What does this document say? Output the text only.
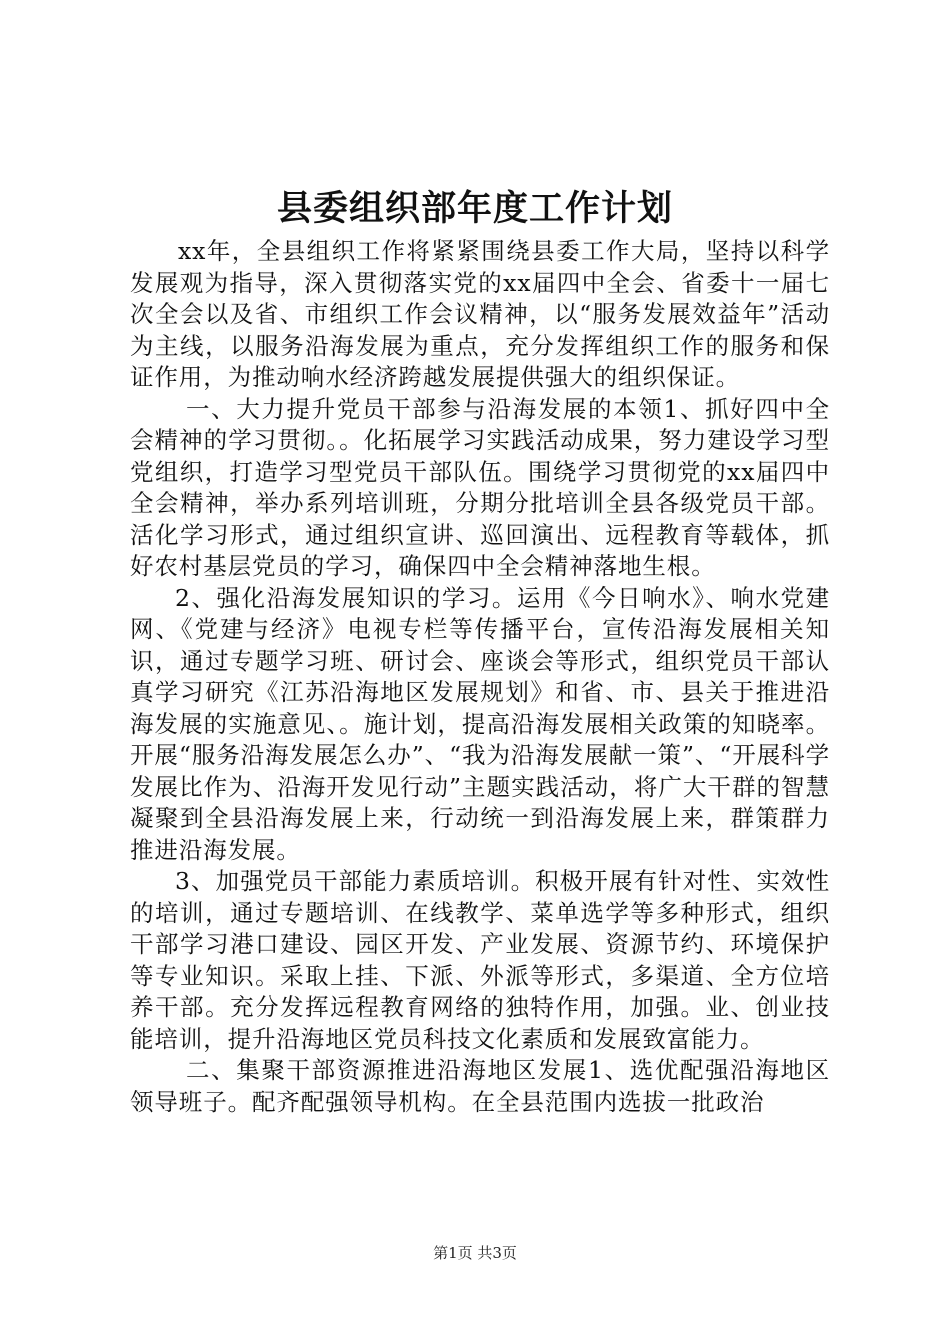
县委组织部年度工作计划

xx年，全县组织工作将紧紧围绕县委工作大局，坚持以科学发展观为指导，深入贯彻落实党的xx届四中全会、省委十一届七次全会以及省、市组织工作会议精神，以“服务发展效益年”活动为主线，以服务沿海发展为重点，充分发挥组织工作的服务和保证作用，为推动响水经济跨越发展提供强大的组织保证。

一、大力提升党员干部参与沿海发展的本领1、抓好四中全会精神的学习贯彻。。化拓展学习实践活动成果，努力建设学习型党组织，打造学习型党员干部队伍。围绕学习贯彻党的xx届四中全会精神，举办系列培训班，分期分批培训全县各级党员干部。活化学习形式，通过组织宣讲、巡回演出、远程教育等载体，抓好农村基层党员的学习，确保四中全会精神落地生根。

2、强化沿海发展知识的学习。运用《今日响水》、响水党建网、《党建与经济》电视专栏等传播平台，宣传沿海发展相关知识，通过专题学习班、研讨会、座谈会等形式，组织党员干部认真学习研究《江苏沿海地区发展规划》和省、市、县关于推进沿海发展的实施意见、。施计划，提高沿海发展相关政策的知晓率。开展“服务沿海发展怎么办”、“我为沿海发展献一策”、“开展科学发展比作为、沿海开发见行动”主题实践活动，将广大干群的智慧凝聚到全县沿海发展上来，行动统一到沿海发展上来，群策群力推进沿海发展。

3、加强党员干部能力素质培训。积极开展有针对性、实效性的培训，通过专题培训、在线教学、菜单选学等多种形式，组织干部学习港口建设、园区开发、产业发展、资源节约、环境保护等专业知识。采取上挂、下派、外派等形式，多渠道、全方位培养干部。充分发挥远程教育网络的独特作用，加强。业、创业技能培训，提升沿海地区党员科技文化素质和发展致富能力。

二、集聚干部资源推进沿海地区发展1、选优配强沿海地区领导班子。配齐配强领导机构。在全县范围内选拔一批政治

第1页 共3页
